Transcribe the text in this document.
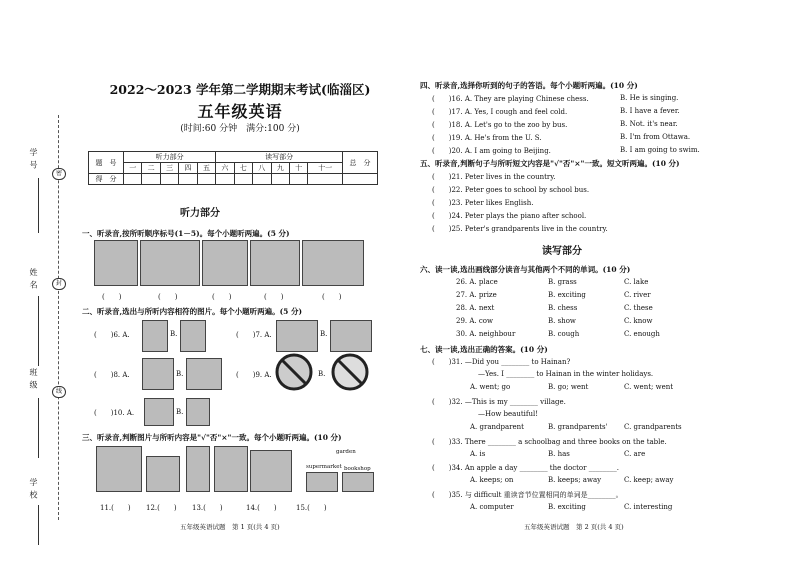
学 号
姓 名
班 级
学 校
密
封
线
2022～2023 学年第二学期期末考试(临淄区)
五年级英语
(时间:60 分钟　满分:100 分)
题　号	听力部分					读写部分						总　分
	一	二	三	四	五	六	七	八	九	十	十一	
得　分												
听力部分
一、听录音,按所听顺序标号(1－5)。每个小题听两遍。(5 分)
(　　)	(　　)	(　　)	(　　)	(　　)
二、听录音,选出与所听内容相符的图片。每个小题听两遍。(5 分)
(　　)6. A.	B.	(　　)7. A.	B.
(　　)8. A.	B.	(　　)9. A.	B.
(　　)10. A.	B.
三、听录音,判断图片与所听内容是"√"否"×"一致。每个小题听两遍。(10 分)
supermarket
garden
bookshop
11.(　　) 12.(　　) 13.(　　)	14.(　　)	15.(　　)
五年级英语试题　第 1 页(共 4 页)
四、听录音,选择你听到的句子的答语。每个小题听两遍。(10 分)
(　　)16. A. They are playing Chinese chess.	B. He is singing.
(　　)17. A. Yes, I cough and feel cold.	B. I have a fever.
(　　)18. A. Let's go to the zoo by bus.	B. Not. it's near.
(　　)19. A. He's from the U. S.	B. I'm from Ottawa.
(　　)20. A. I am going to Beijing.	B. I am going to swim.
五、听录音,判断句子与所听短文内容是"√"否"×"一致。短文听两遍。(10 分)
(　　)21. Peter lives in the country.
(　　)22. Peter goes to school by school bus.
(　　)23. Peter likes English.
(　　)24. Peter plays the piano after school.
(　　)25. Peter's grandparents live in the country.
读写部分
六、读一读,选出画线部分读音与其他两个不同的单词。(10 分)
26. A. place	B. grass	C. lake
27. A. prize	B. exciting	C. river
28. A. next	B. chess	C. these
29. A. cow	B. show	C. know
30. A. neighbour	B. cough	C. enough
七、读一读,选出正确的答案。(10 分)
(　　)31. —Did you ________ to Hainan?
—Yes. I ________ to Hainan in the winter holidays.
A. went; go	B. go; went	C. went; went
(　　)32. —This is my ________ village.
—How beautiful!
A. grandparent	B. grandparents' C. grandparents
(　　)33. There ________ a schoolbag and three books on the table.
A. is	B. has	C. are
(　　)34. An apple a day ________ the doctor ________.
A. keeps; on	B. keeps; away	C. keep; away
(　　)35. 与 difficult 重读音节位置相同的单词是________。
A. computer	B. exciting	C. interesting
五年级英语试题　第 2 页(共 4 页)
